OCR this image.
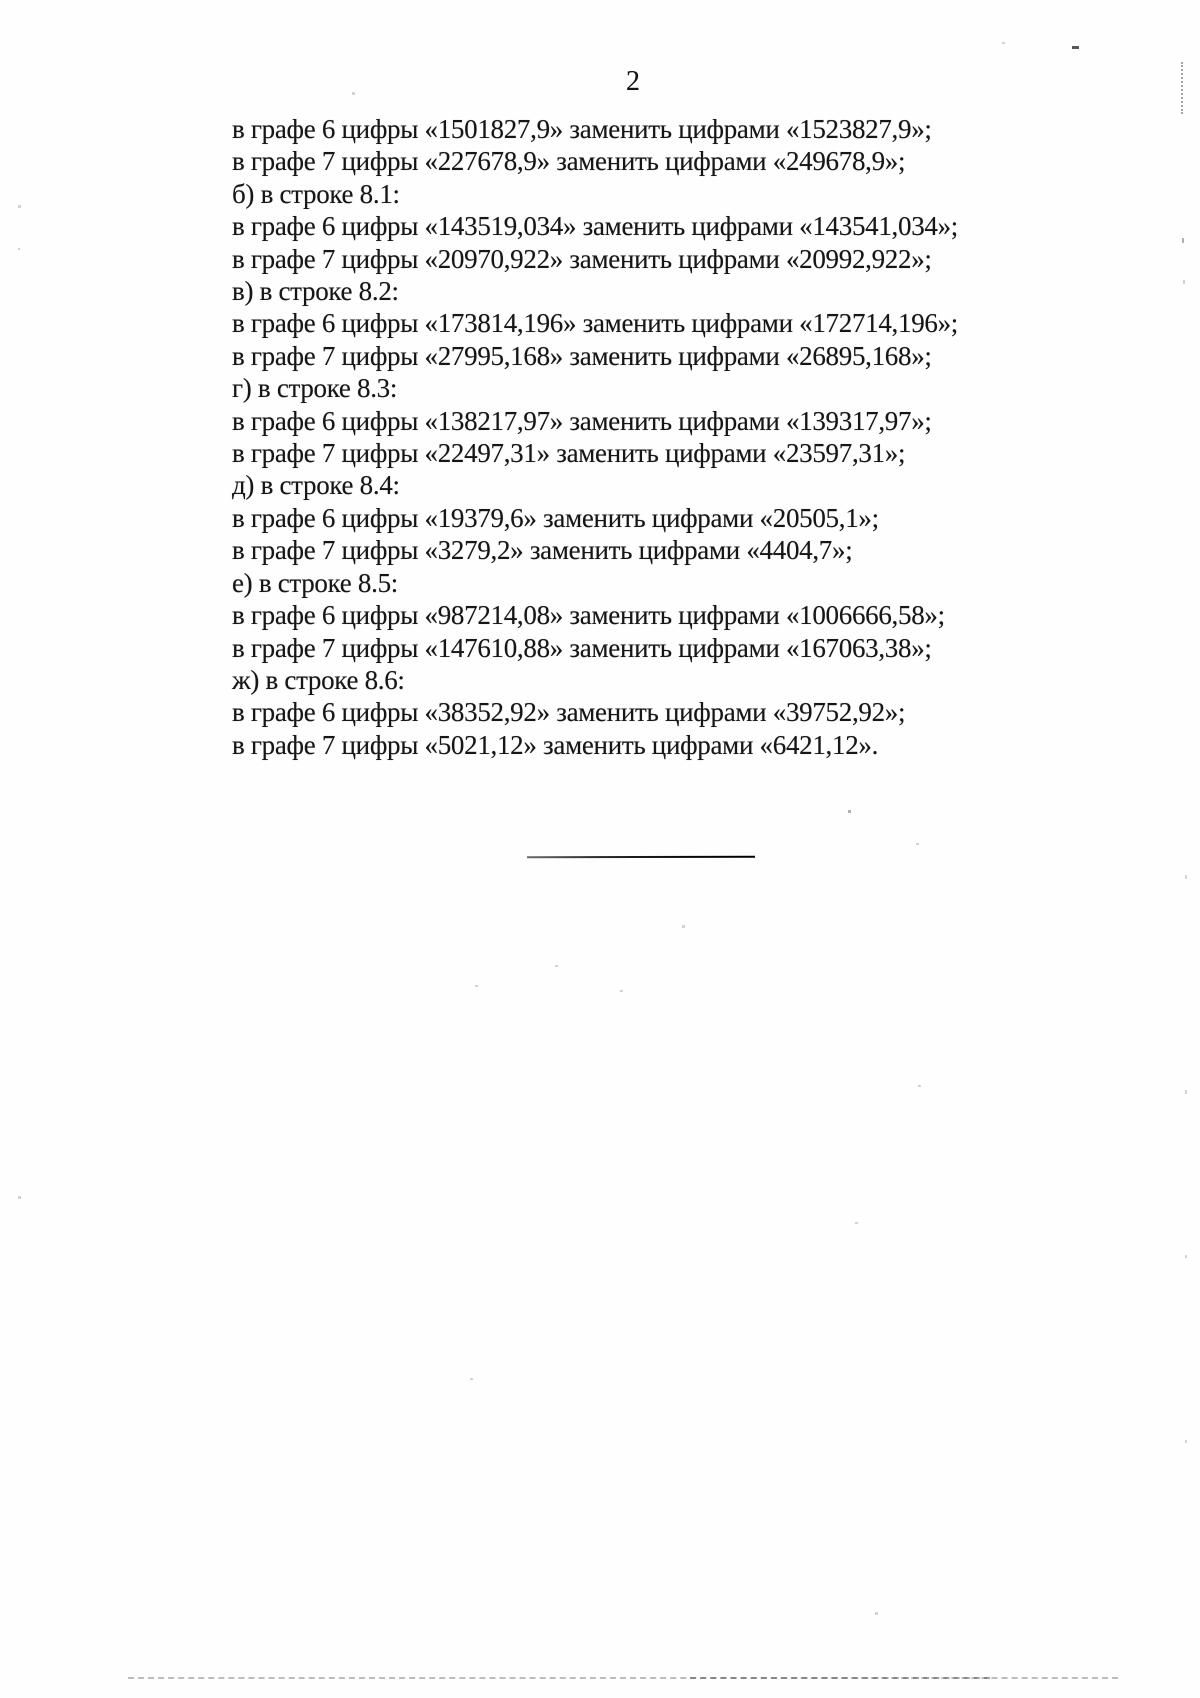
2
в графе 6 цифры «1501827,9» заменить цифрами «1523827,9»;
в графе 7 цифры «227678,9» заменить цифрами «249678,9»;
б) в строке 8.1:
в графе 6 цифры «143519,034» заменить цифрами «143541,034»;
в графе 7 цифры «20970,922» заменить цифрами «20992,922»;
в) в строке 8.2:
в графе 6 цифры «173814,196» заменить цифрами «172714,196»;
в графе 7 цифры «27995,168» заменить цифрами «26895,168»;
г) в строке 8.3:
в графе 6 цифры «138217,97» заменить цифрами «139317,97»;
в графе 7 цифры «22497,31» заменить цифрами «23597,31»;
д) в строке 8.4:
в графе 6 цифры «19379,6» заменить цифрами «20505,1»;
в графе 7 цифры «3279,2» заменить цифрами «4404,7»;
е) в строке 8.5:
в графе 6 цифры «987214,08» заменить цифрами «1006666,58»;
в графе 7 цифры «147610,88» заменить цифрами «167063,38»;
ж) в строке 8.6:
в графе 6 цифры «38352,92» заменить цифрами «39752,92»;
в графе 7 цифры «5021,12» заменить цифрами «6421,12».
